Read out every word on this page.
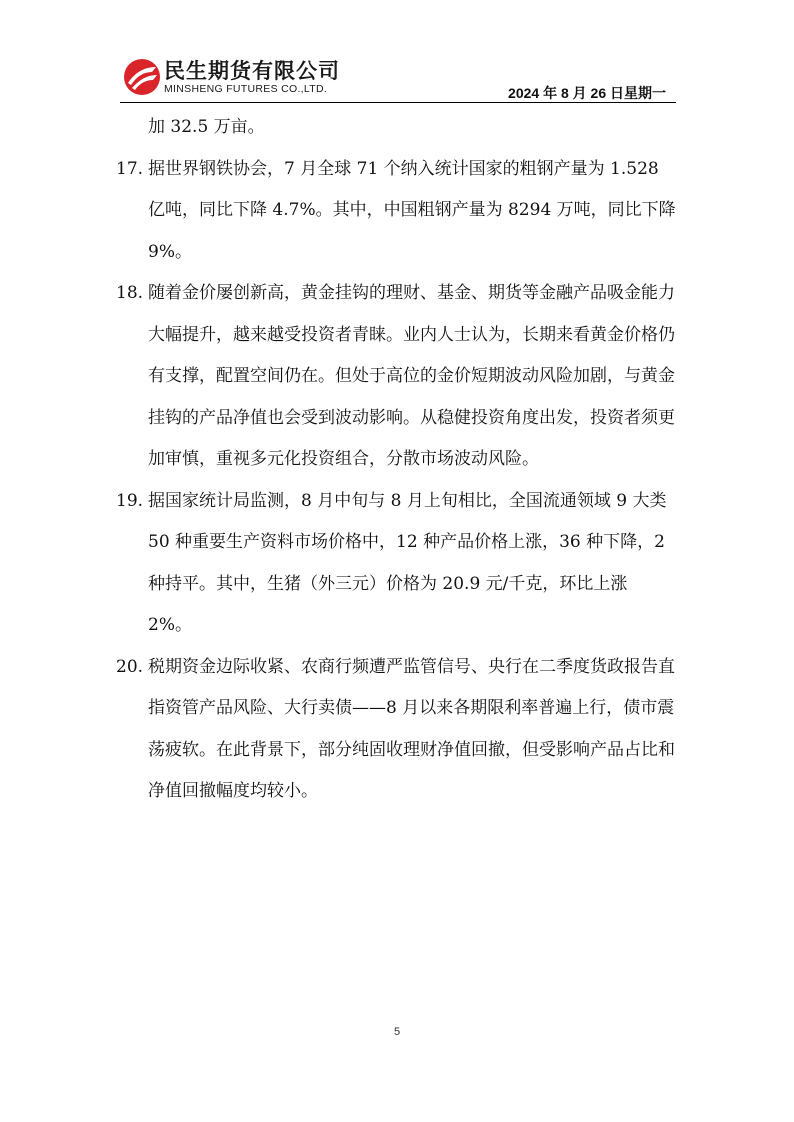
民生期货有限公司
MINSHENG FUTURES CO.,LTD.	2024 年 8 月 26 日星期一

加 32.5 万亩。

17. 据世界钢铁协会，7 月全球 71 个纳入统计国家的粗钢产量为 1.528 亿吨，同比下降 4.7%。其中，中国粗钢产量为 8294 万吨，同比下降 9%。

18. 随着金价屡创新高，黄金挂钩的理财、基金、期货等金融产品吸金能力大幅提升，越来越受投资者青睐。业内人士认为，长期来看黄金价格仍有支撑，配置空间仍在。但处于高位的金价短期波动风险加剧，与黄金挂钩的产品净值也会受到波动影响。从稳健投资角度出发，投资者须更加审慎，重视多元化投资组合，分散市场波动风险。

19. 据国家统计局监测，8 月中旬与 8 月上旬相比，全国流通领域 9 大类 50 种重要生产资料市场价格中，12 种产品价格上涨，36 种下降，2 种持平。其中，生猪（外三元）价格为 20.9 元/千克，环比上涨 2%。

20. 税期资金边际收紧、农商行频遭严监管信号、央行在二季度货政报告直指资管产品风险、大行卖债——8 月以来各期限利率普遍上行，债市震荡疲软。在此背景下，部分纯固收理财净值回撤，但受影响产品占比和净值回撤幅度均较小。

5
